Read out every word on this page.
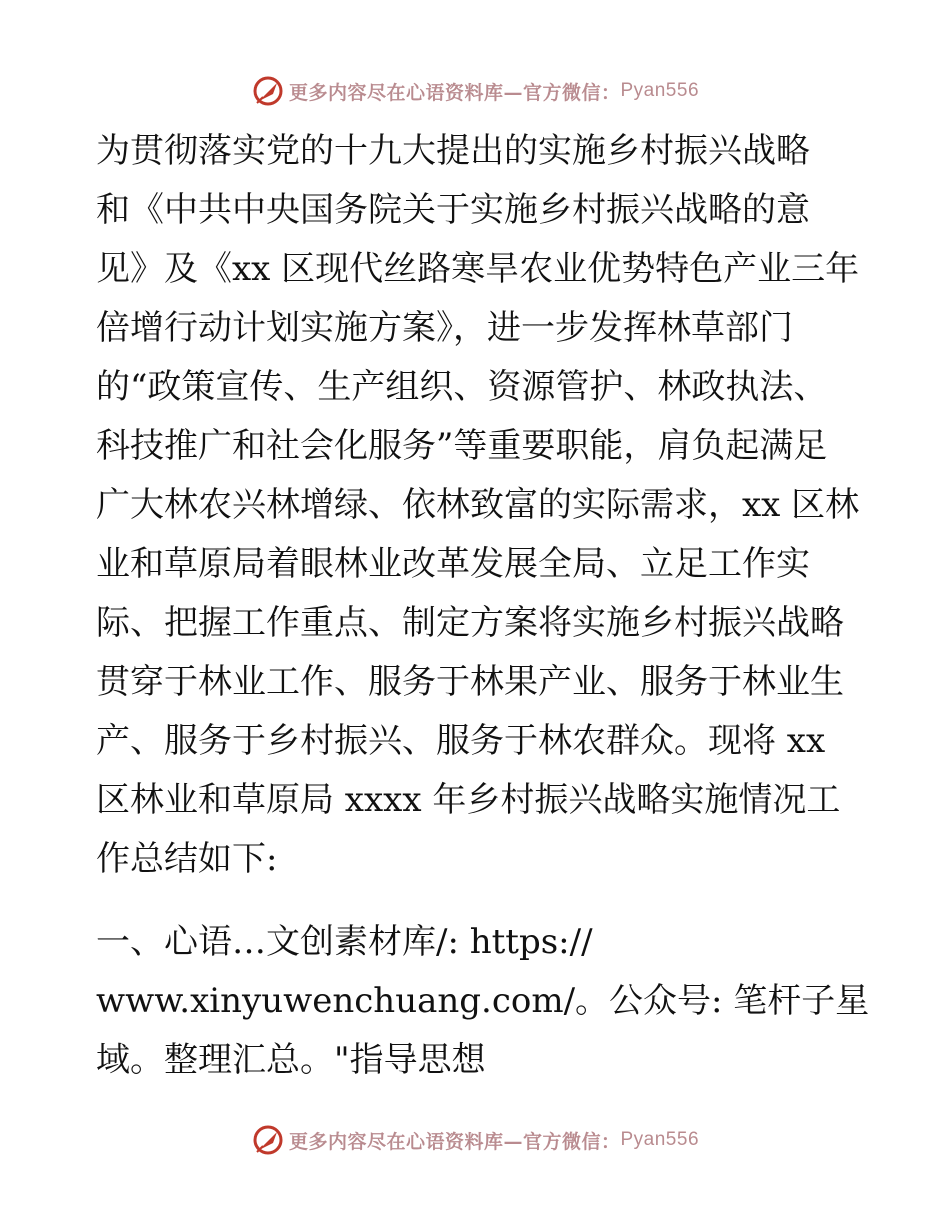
更多内容尽在心语资料库—官方微信： Pyan556
为贯彻落实党的十九大提出的实施乡村振兴战略
和《中共中央国务院关于实施乡村振兴战略的意
见》及《xx 区现代丝路寒旱农业优势特色产业三年
倍增行动计划实施方案》，进一步发挥林草部门
的“政策宣传、生产组织、资源管护、林政执法、
科技推广和社会化服务”等重要职能，肩负起满足
广大林农兴林增绿、依林致富的实际需求，xx 区林
业和草原局着眼林业改革发展全局、立足工作实
际、把握工作重点、制定方案将实施乡村振兴战略
贯穿于林业工作、服务于林果产业、服务于林业生
产、服务于乡村振兴、服务于林农群众。现将 xx
区林业和草原局 xxxx 年乡村振兴战略实施情况工
作总结如下:
一、心语…文创素材库/: https://
www.xinyuwenchuang.com/。公众号: 笔杆子星
域。整理汇总。"指导思想
更多内容尽在心语资料库—官方微信： Pyan556
